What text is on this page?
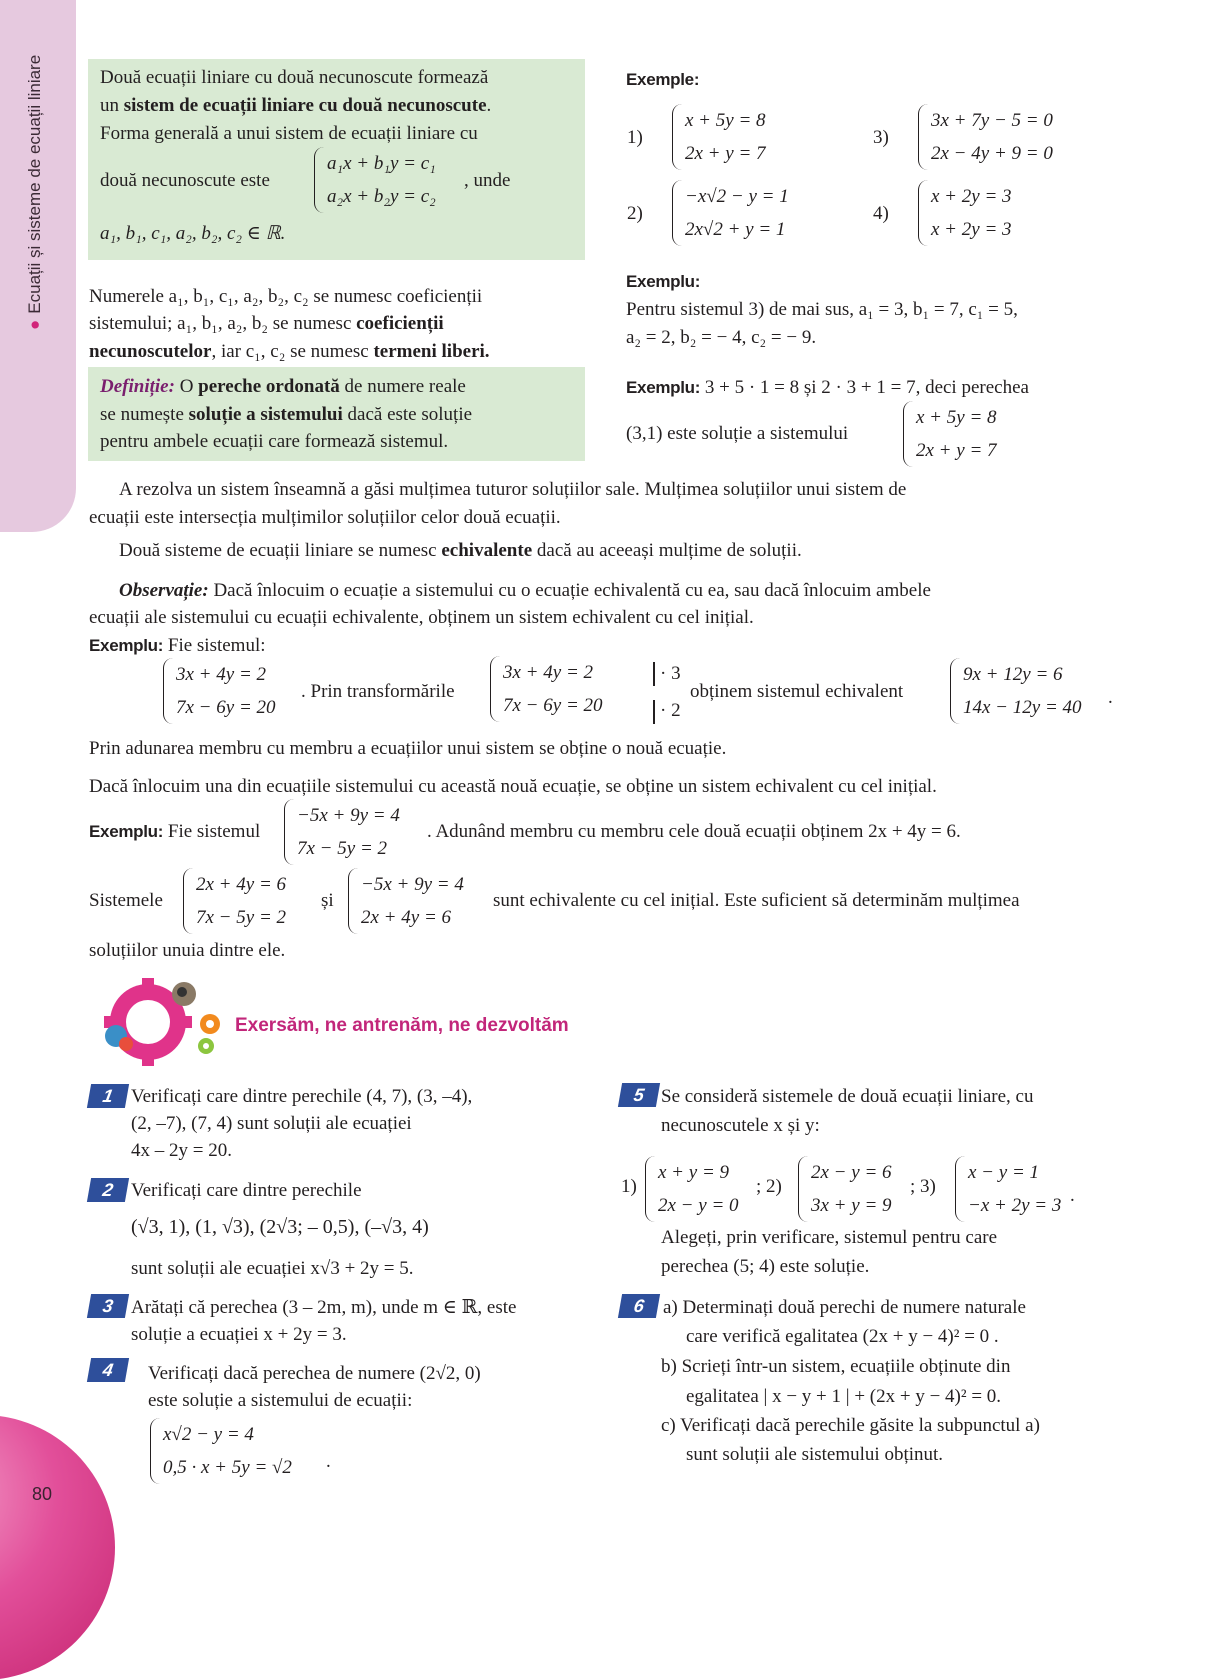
●Ecuații și sisteme de ecuații liniare
80
Două ecuații liniare cu două necunoscute formează
un sistem de ecuații liniare cu două necunoscute.
Forma generală a unui sistem de ecuații liniare cu
două necunoscute este
a₁x + b₁y = c₁
a₂x + b₂y = c₂
, unde
a₁, b₁, c₁, a₂, b₂, c₂ ∈ ℝ.
Numerele a₁, b₁, c₁, a₂, b₂, c₂ se numesc coeficienții
sistemului; a₁, b₁, a₂, b₂ se numesc coeficienții
necunoscutelor, iar c₁, c₂ se numesc termeni liberi.
Definiție: O pereche ordonată de numere reale
se numește soluție a sistemului dacă este soluție
pentru ambele ecuații care formează sistemul.
Exemple:
1)
x + 5y = 8
2x + y = 7
2)
−x√2 − y = 1
2x√2 + y = 1
3)
3x + 7y − 5 = 0
2x − 4y + 9 = 0
4)
x + 2y = 3
x + 2y = 3
Exemplu:
Pentru sistemul 3) de mai sus, a₁ = 3, b₁ = 7, c₁ = 5,
a₂ = 2, b₂ = − 4, c₂ = − 9.
Exemplu: 3 + 5 · 1 = 8 și 2 · 3 + 1 = 7, deci perechea
(3,1) este soluție a sistemului
x + 5y = 8
2x + y = 7
A rezolva un sistem înseamnă a găsi mulțimea tuturor soluțiilor sale. Mulțimea soluțiilor unui sistem de
ecuații este intersecția mulțimilor soluțiilor celor două ecuații.
Două sisteme de ecuații liniare se numesc echivalente dacă au aceeași mulțime de soluții.
Observație: Dacă înlocuim o ecuație a sistemului cu o ecuație echivalentă cu ea, sau dacă înlocuim ambele
ecuații ale sistemului cu ecuații echivalente, obținem un sistem echivalent cu cel inițial.
Exemplu: Fie sistemul:
3x + 4y = 2
7x − 6y = 20
. Prin transformările
3x + 4y = 2
7x − 6y = 20
· 3
· 2
obținem sistemul echivalent
9x + 12y = 6
14x − 12y = 40 .
Prin adunarea membru cu membru a ecuațiilor unui sistem se obține o nouă ecuație.
Dacă înlocuim una din ecuațiile sistemului cu această nouă ecuație, se obține un sistem echivalent cu cel inițial.
Exemplu: Fie sistemul
−5x + 9y = 4
7x − 5y = 2
. Adunând membru cu membru cele două ecuații obținem 2x + 4y = 6.
Sistemele
2x + 4y = 6
7x − 5y = 2
și
−5x + 9y = 4
2x + 4y = 6
sunt echivalente cu cel inițial. Este suficient să determinăm mulțimea
soluțiilor unuia dintre ele.
Exersăm, ne antrenăm, ne dezvoltăm
1 Verificați care dintre perechile (4, 7), (3, –4),
(2, –7), (7, 4) sunt soluții ale ecuației
4x – 2y = 20.
2 Verificați care dintre perechile
(√3, 1), (1, √3), (2√3; – 0,5), (–√3, 4)
sunt soluții ale ecuației x√3 + 2y = 5.
3 Arătați că perechea (3 – 2m, m), unde m ∈ ℝ, este
soluție a ecuației x + 2y = 3.
4	Verificați dacă perechea de numere (2√2, 0)
este soluție a sistemului de ecuații:
x√2 − y = 4
0,5 · x + 5y = √2 .
5 Se consideră sistemele de două ecuații liniare, cu
necunoscutele x și y:
1)
x + y = 9
2x − y = 0
; 2)
2x − y = 6
3x + y = 9
; 3)
x − y = 1
−x + 2y = 3 .
Alegeți, prin verificare, sistemul pentru care
perechea (5; 4) este soluție.
6 a) Determinați două perechi de numere naturale
care verifică egalitatea (2x + y − 4)² = 0 .
b) Scrieți într-un sistem, ecuațiile obținute din
egalitatea | x − y + 1 | + (2x + y − 4)² = 0.
c) Verificați dacă perechile găsite la subpunctul a)
sunt soluții ale sistemului obținut.
